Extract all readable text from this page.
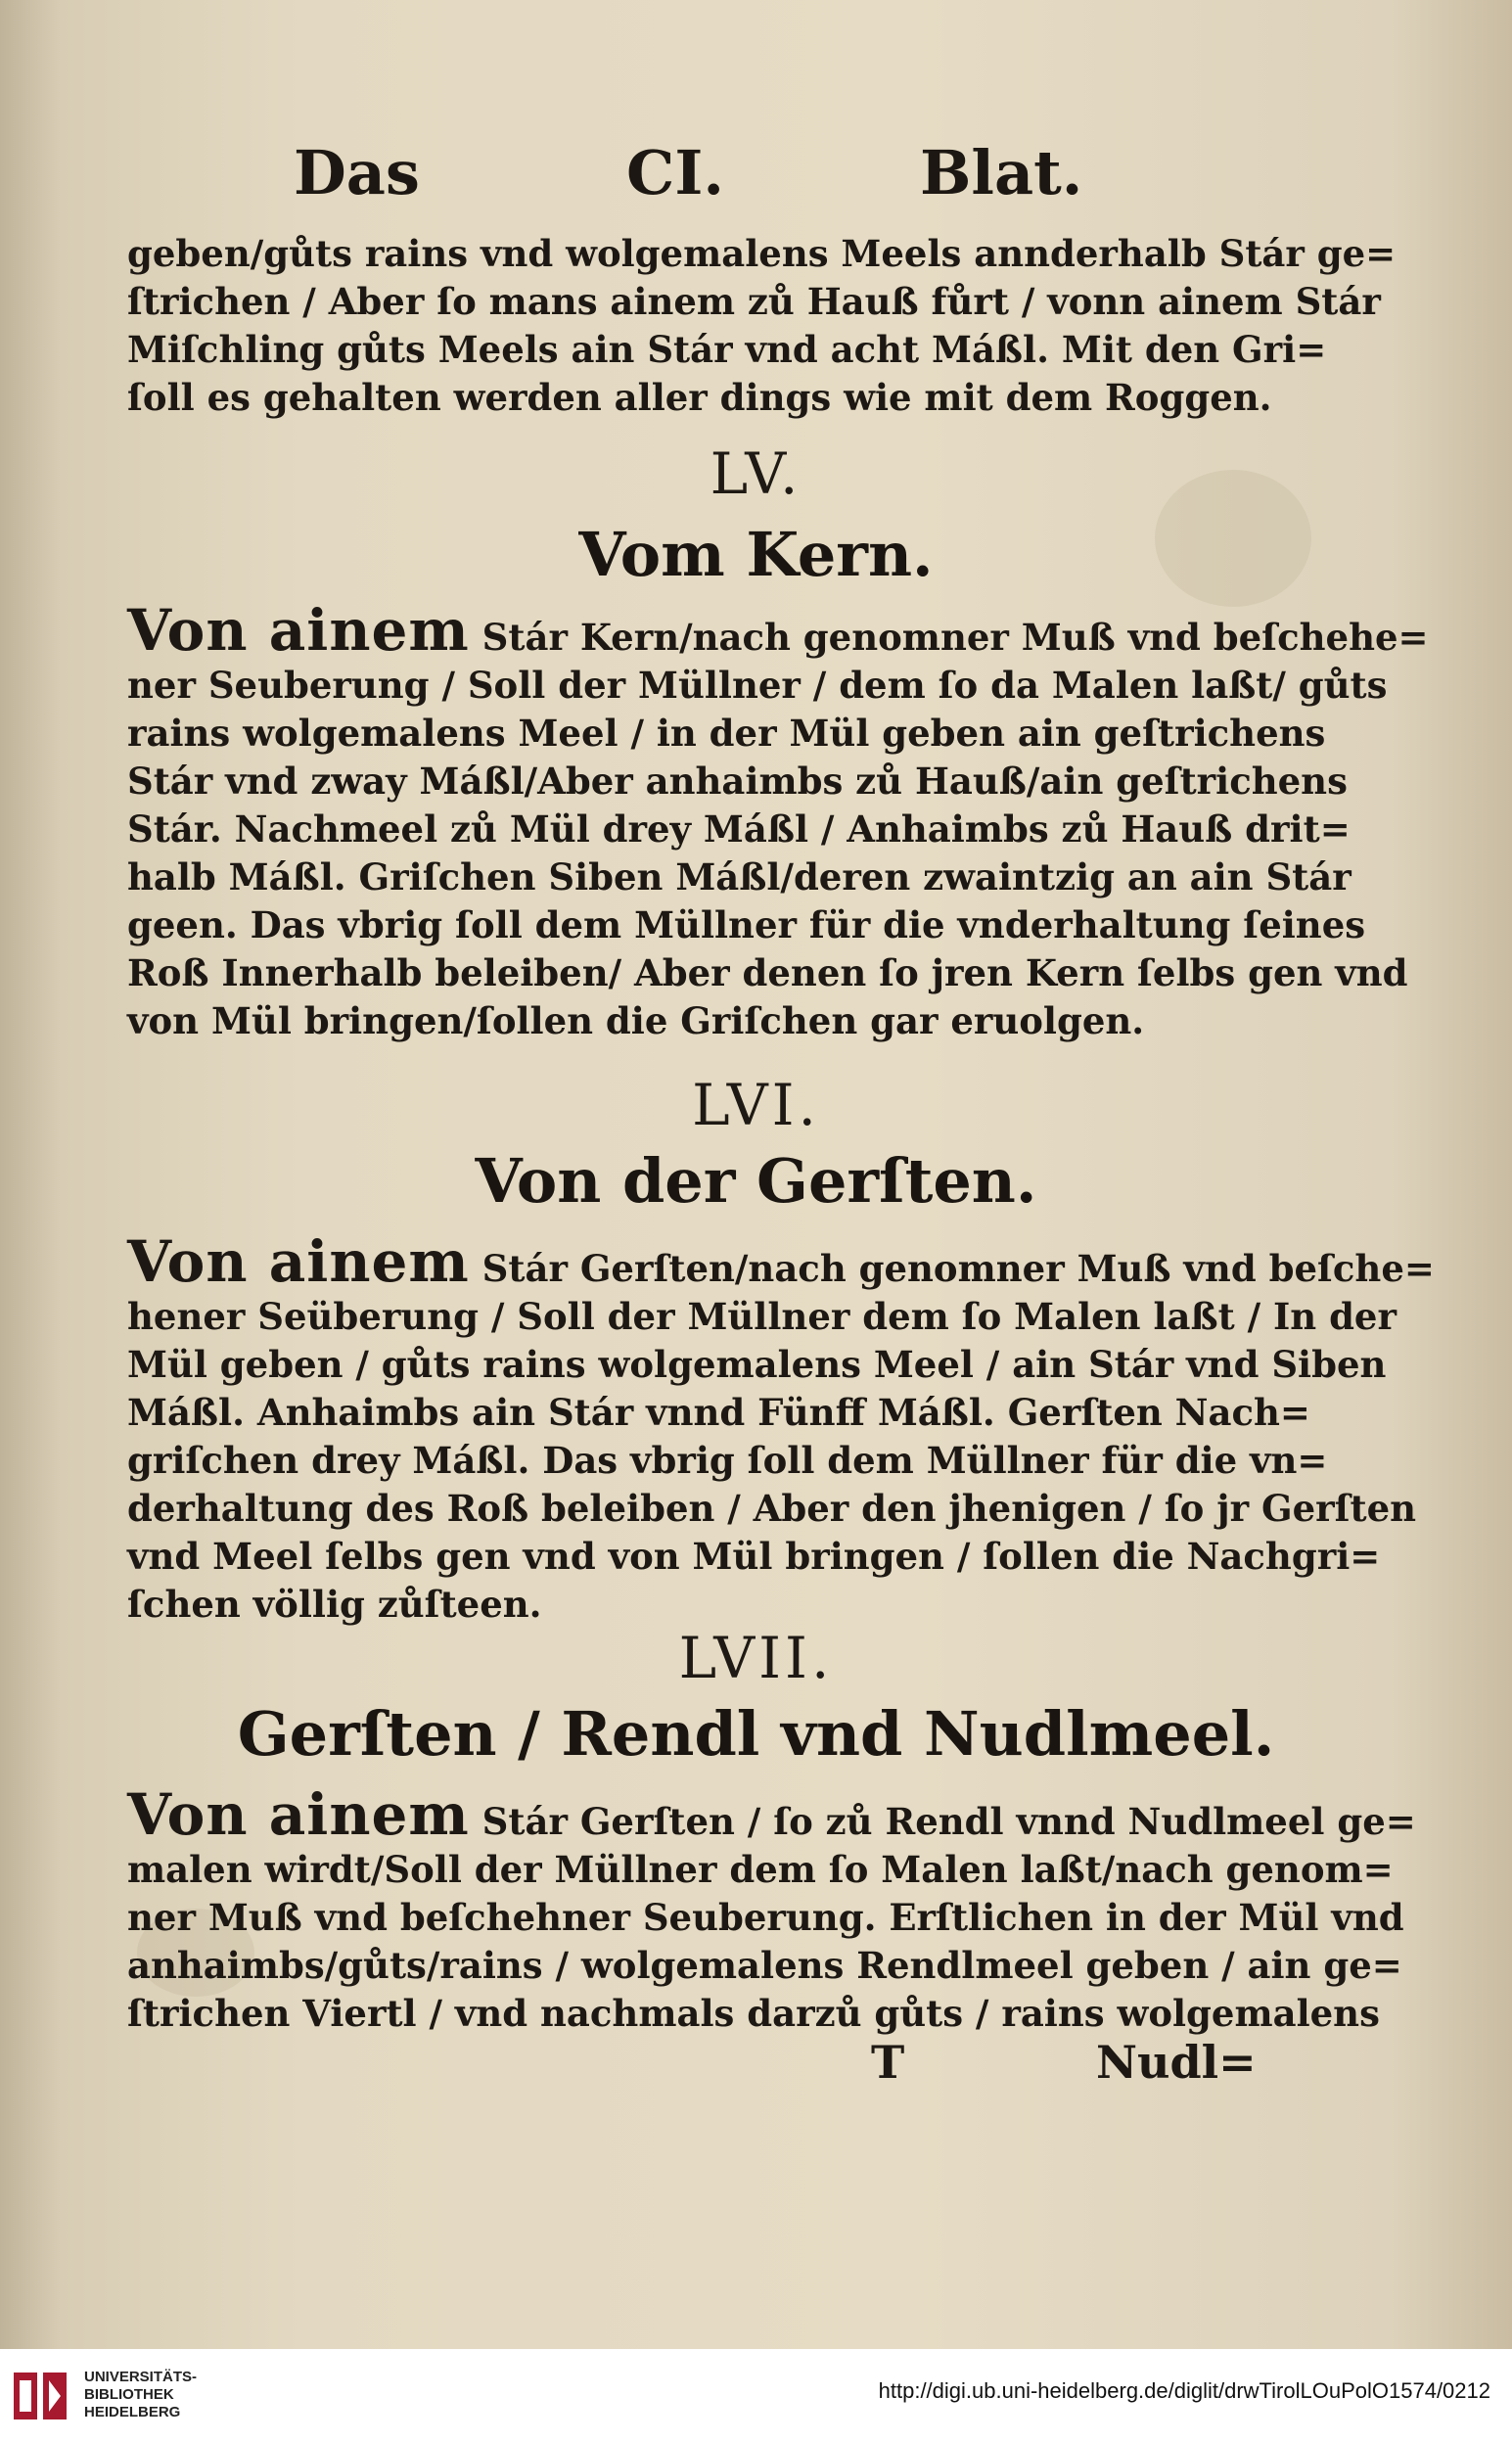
Das	CI.	Blat.
geben/gůts rains vnd wolgemalens Meels annderhalb Stár ge=
ſtrichen / Aber ſo mans ainem zů Hauß fůrt / vonn ainem Stár
Miſchling gůts Meels ain Stár vnd acht Máßl. Mit den Gri=
ſoll es gehalten werden aller dings wie mit dem Roggen.
LV.
Vom Kern.
Von ainem Stár Kern/nach genomner Muß vnd beſchehe=
ner Seuberung / Soll der Müllner / dem ſo da Malen laßt/ gůts
rains wolgemalens Meel / in der Mül geben ain geſtrichens
Stár vnd zway Máßl/Aber anhaimbs zů Hauß/ain geſtrichens
Stár. Nachmeel zů Mül drey Máßl / Anhaimbs zů Hauß drit=
halb Máßl. Griſchen Siben Máßl/deren zwaintzig an ain Stár
geen. Das vbrig ſoll dem Müllner für die vnderhaltung ſeines
Roß Innerhalb beleiben/ Aber denen ſo jren Kern ſelbs gen vnd
von Mül bringen/ſollen die Griſchen gar eruolgen.
LVI.
Von der Gerſten.
Von ainem Stár Gerſten/nach genomner Muß vnd beſche=
hener Seüberung / Soll der Müllner dem ſo Malen laßt / In der
Mül geben / gůts rains wolgemalens Meel / ain Stár vnd Siben
Máßl. Anhaimbs ain Stár vnnd Fünff Máßl. Gerſten Nach=
griſchen drey Máßl. Das vbrig ſoll dem Müllner für die vn=
derhaltung des Roß beleiben / Aber den jhenigen / ſo jr Gerſten
vnd Meel ſelbs gen vnd von Mül bringen / ſollen die Nachgri=
ſchen völlig zůſteen.
LVII.
Gerſten / Rendl vnd Nudlmeel.
Von ainem Stár Gerſten / ſo zů Rendl vnnd Nudlmeel ge=
malen wirdt/Soll der Müllner dem ſo Malen laßt/nach genom=
ner Muß vnd beſchehner Seuberung. Erſtlichen in der Mül vnd
anhaimbs/gůts/rains / wolgemalens Rendlmeel geben / ain ge=
ſtrichen Viertl / vnd nachmals darzů gůts / rains wolgemalens
T	Nudl=
UNIVERSITÄTS-
BIBLIOTHEK
HEIDELBERG
http://digi.ub.uni-heidelberg.de/diglit/drwTirolLOuPolO1574/0212
